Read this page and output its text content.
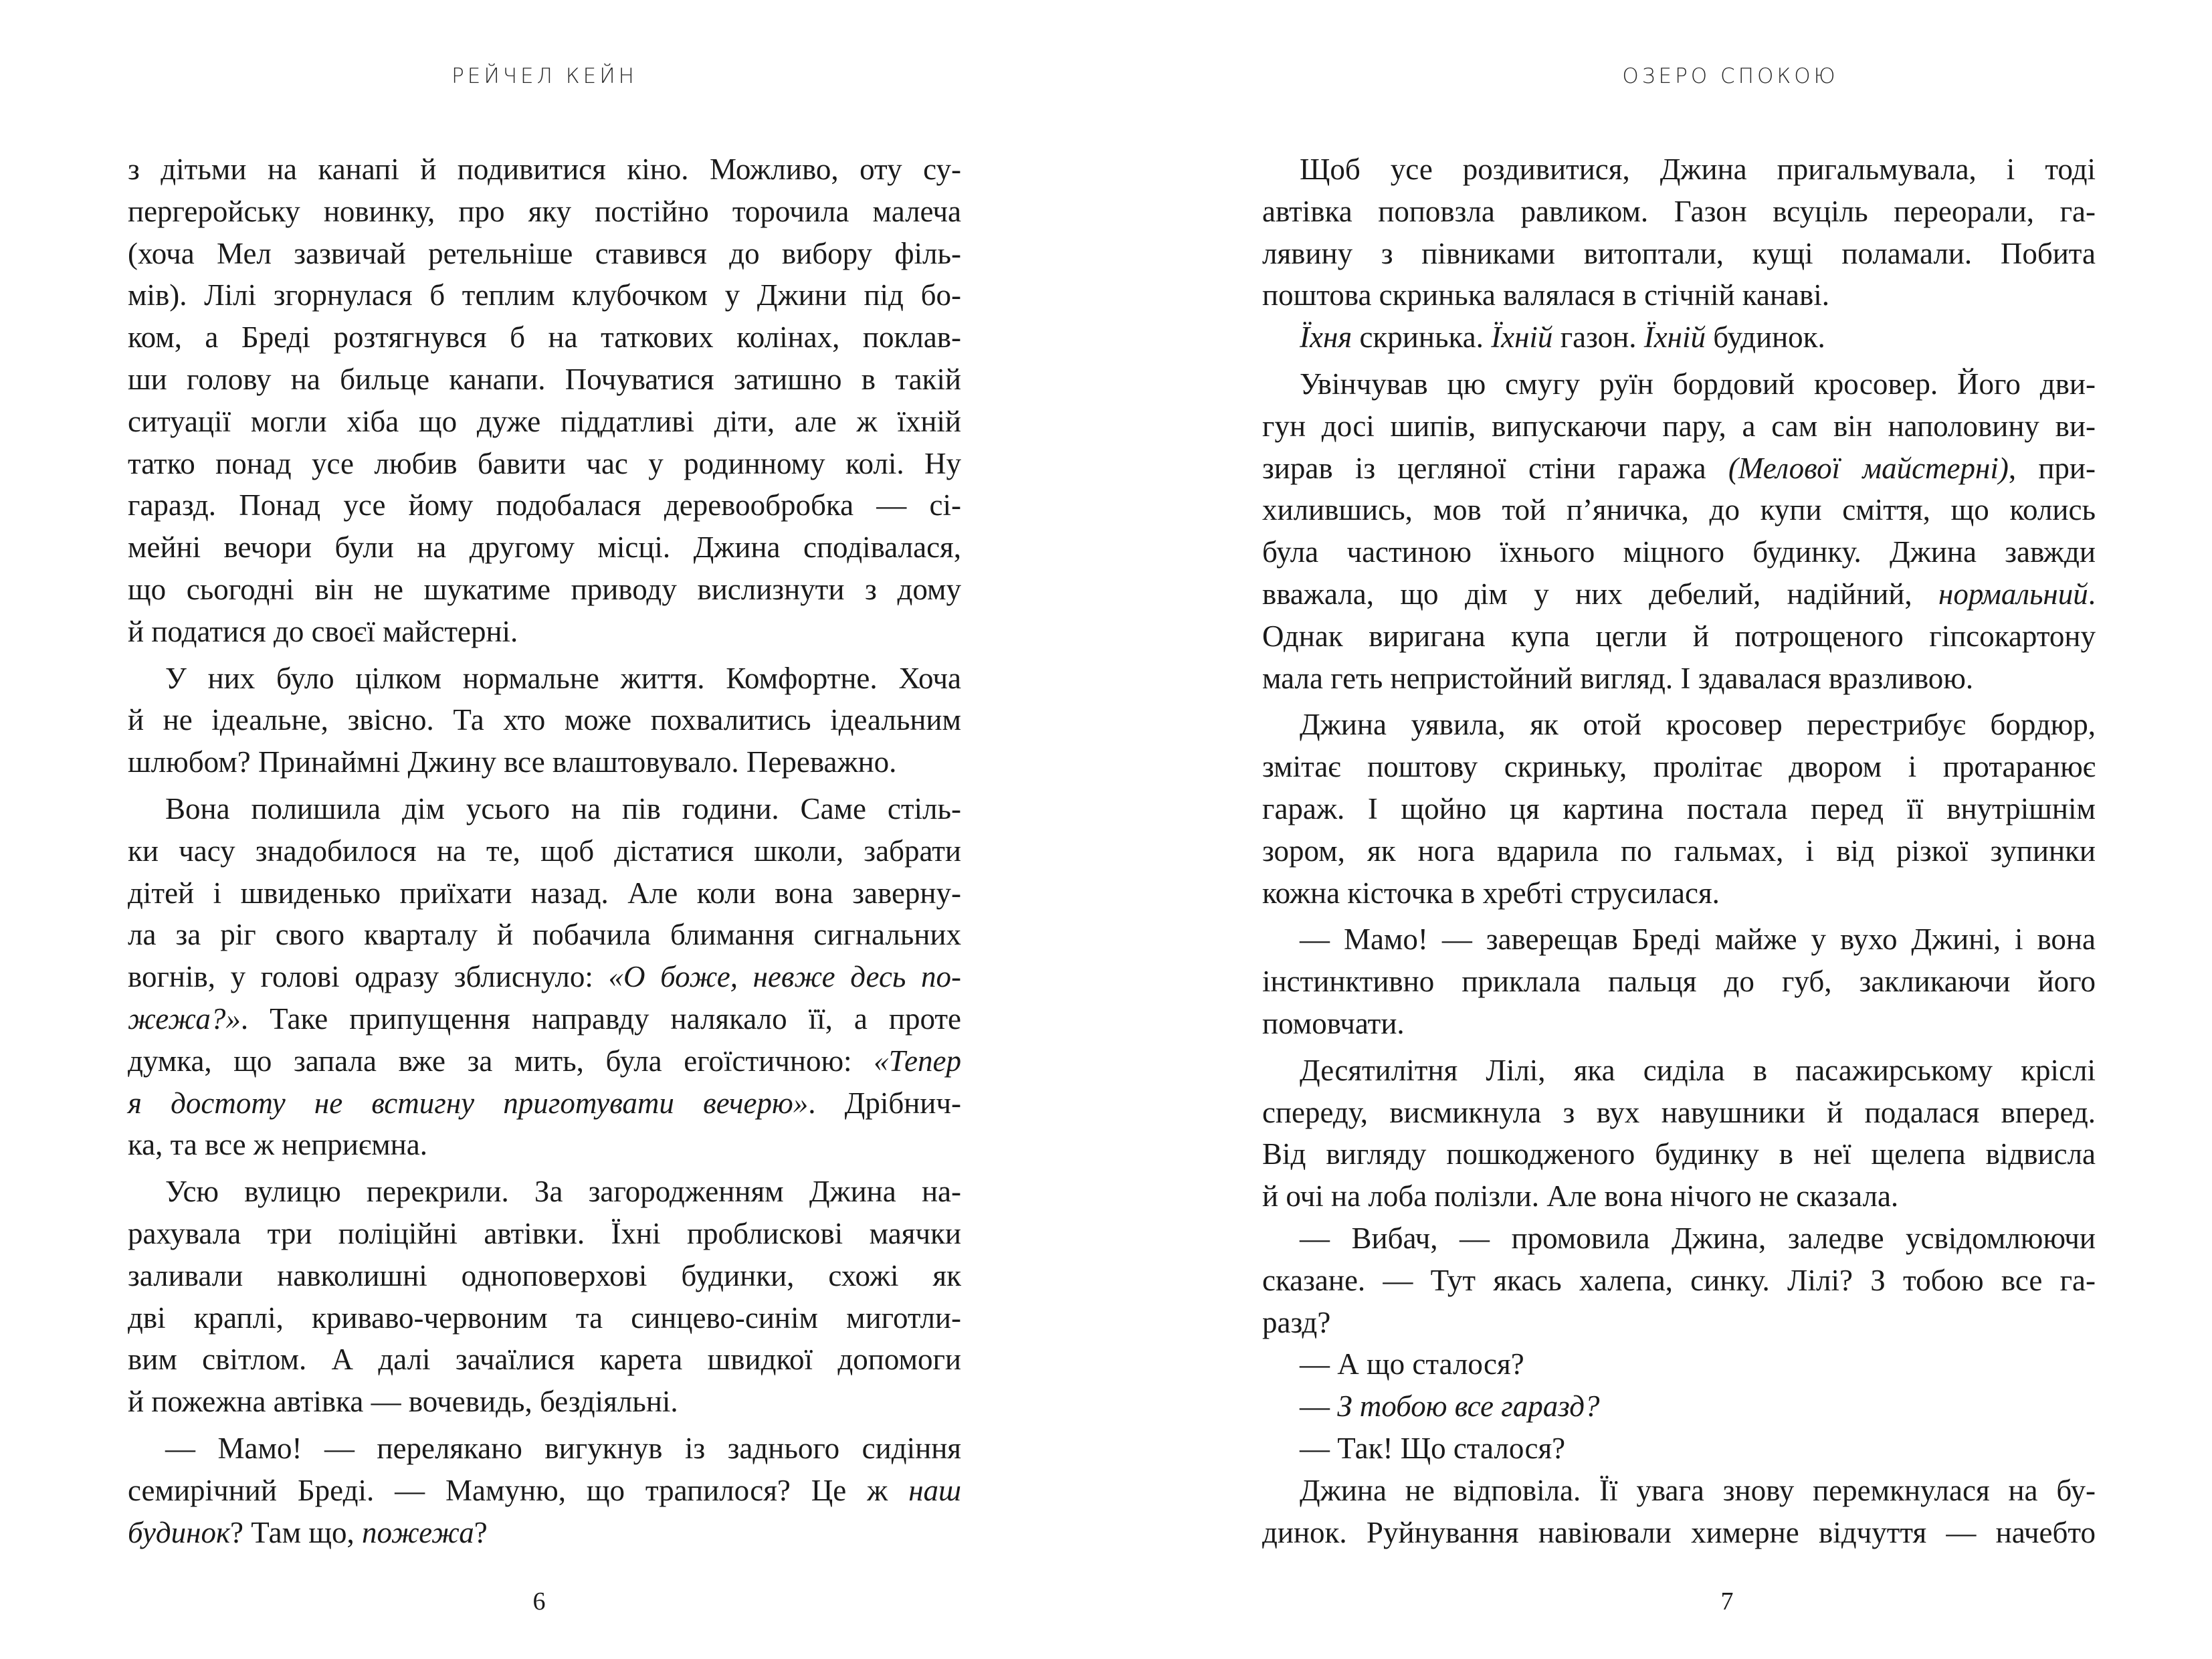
РЕЙЧЕЛ КЕЙН
з дітьми на канапі й подивитися кіно. Можливо, оту су-
пергеройську новинку, про яку постійно торочила малеча
(хоча Мел зазвичай ретельніше ставився до вибору філь-
мів). Лілі згорнулася б теплим клубочком у Джини під бо-
ком, а Бреді розтягнувся б на таткових колінах, поклав-
ши голову на бильце канапи. Почуватися затишно в такій
ситуації могли хіба що дуже піддатливі діти, але ж їхній
татко понад усе любив бавити час у родинному колі. Ну
гаразд. Понад усе йому подобалася деревообробка — сі-
мейні вечори були на другому місці. Джина сподівалася,
що сьогодні він не шукатиме приводу вислизнути з дому
й податися до своєї майстерні.
У них було цілком нормальне життя. Комфортне. Хоча
й не ідеальне, звісно. Та хто може похвалитись ідеальним
шлюбом? Принаймні Джину все влаштовувало. Переважно.
Вона полишила дім усього на пів години. Саме стіль-
ки часу знадобилося на те, щоб дістатися школи, забрати
дітей і швиденько приїхати назад. Але коли вона заверну-
ла за ріг свого кварталу й побачила блимання сигнальних
вогнів, у голові одразу зблиснуло: «О боже, невже десь по-
жежа?». Таке припущення направду налякало її, а проте
думка, що запала вже за мить, була егоїстичною: «Тепер
я достоту не встигну приготувати вечерю». Дрібнич-
ка, та все ж неприємна.
Усю вулицю перекрили. За загородженням Джина на-
рахувала три поліційні автівки. Їхні проблискові маячки
заливали навколишні одноповерхові будинки, схожі як
дві краплі, криваво-червоним та синцево-синім миготли-
вим світлом. А далі зачаїлися карета швидкої допомоги
й пожежна автівка — вочевидь, бездіяльні.
— Мамо! — перелякано вигукнув із заднього сидіння
семирічний Бреді. — Мамуню, що трапилося? Це ж наш
будинок? Там що, пожежа?
6
ОЗЕРО СПОКОЮ
Щоб усе роздивитися, Джина пригальмувала, і тоді
автівка поповзла равликом. Газон всуціль переорали, га-
лявину з півниками витоптали, кущі поламали. Побита
поштова скринька валялася в стічній канаві.
Їхня скринька. Їхній газон. Їхній будинок.
Увінчував цю смугу руїн бордовий кросовер. Його дви-
гун досі шипів, випускаючи пару, а сам він наполовину ви-
зирав із цегляної стіни гаража (Мелової майстерні), при-
хилившись, мов той п’яничка, до купи сміття, що колись
була частиною їхнього міцного будинку. Джина завжди
вважала, що дім у них дебелий, надійний, нормальний.
Однак виригана купа цегли й потрощеного гіпсокартону
мала геть непристойний вигляд. І здавалася вразливою.
Джина уявила, як отой кросовер перестрибує бордюр,
змітає поштову скриньку, пролітає двором і протаранює
гараж. І щойно ця картина постала перед її внутрішнім
зором, як нога вдарила по гальмах, і від різкої зупинки
кожна кісточка в хребті струсилася.
— Мамо! — заверещав Бреді майже у вухо Джині, і вона
інстинктивно приклала пальця до губ, закликаючи його
помовчати.
Десятилітня Лілі, яка сиділа в пасажирському кріслі
спереду, висмикнула з вух навушники й подалася вперед.
Від вигляду пошкодженого будинку в неї щелепа відвисла
й очі на лоба полізли. Але вона нічого не сказала.
— Вибач, — промовила Джина, заледве усвідомлюючи
сказане. — Тут якась халепа, синку. Лілі? З тобою все га-
разд?
— А що сталося?
— З тобою все гаразд?
— Так! Що сталося?
Джина не відповіла. Її увага знову перемкнулася на бу-
динок. Руйнування навіювали химерне відчуття — начебто
7
